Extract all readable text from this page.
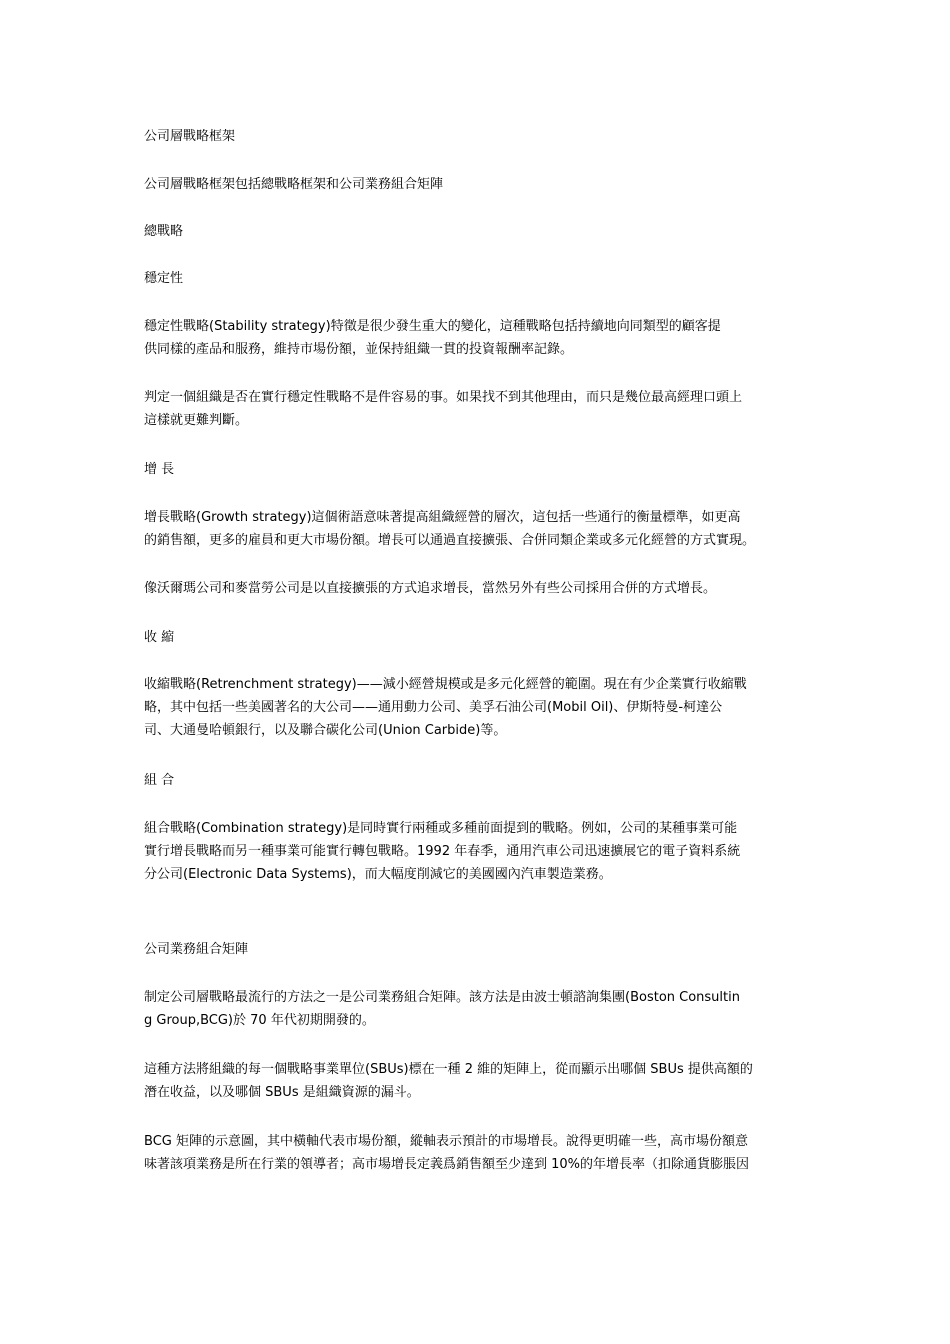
公司層戰略框架

公司層戰略框架包括總戰略框架和公司業務組合矩陣

總戰略

穩定性

穩定性戰略(Stability strategy)特徵是很少發生重大的變化，這種戰略包括持續地向同類型的顧客提
供同樣的產品和服務，維持市場份額，並保持組織一貫的投資報酬率記錄。
判定一個組織是否在實行穩定性戰略不是件容易的事。如果找不到其他理由，而只是幾位最高經理口頭上
這樣就更難判斷。

增 長

增長戰略(Growth strategy)這個術語意味著提高組織經營的層次，這包括一些通行的衡量標準，如更高
的銷售額，更多的雇員和更大市場份額。增長可以通過直接擴張、合併同類企業或多元化經營的方式實現。
像沃爾瑪公司和麥當勞公司是以直接擴張的方式追求增長，當然另外有些公司採用合併的方式增長。

收 縮

收縮戰略(Retrenchment strategy)——減小經營規模或是多元化經營的範圍。現在有少企業實行收縮戰
略，其中包括一些美國著名的大公司——通用動力公司、美孚石油公司(Mobil Oil)、伊斯特曼-柯達公
司、大通曼哈頓銀行，以及聯合碳化公司(Union Carbide)等。

組 合

組合戰略(Combination strategy)是同時實行兩種或多種前面提到的戰略。例如，公司的某種事業可能
實行增長戰略而另一種事業可能實行轉包戰略。1992 年春季，通用汽車公司迅速擴展它的電子資料系統
分公司(Electronic Data Systems)，而大幅度削減它的美國國內汽車製造業務。

公司業務組合矩陣

制定公司層戰略最流行的方法之一是公司業務組合矩陣。該方法是由波士頓諮詢集團(Boston Consultin
g Group,BCG)於 70 年代初期開發的。
這種方法將組織的每一個戰略事業單位(SBUs)標在一種 2 維的矩陣上，從而顯示出哪個 SBUs 提供高額的
潛在收益，以及哪個 SBUs 是組織資源的漏斗。
BCG 矩陣的示意圖，其中橫軸代表市場份額，縱軸表示預計的市場增長。說得更明確一些，高市場份額意
味著該項業務是所在行業的領導者；高市場增長定義爲銷售額至少達到 10%的年增長率（扣除通貨膨脹因
